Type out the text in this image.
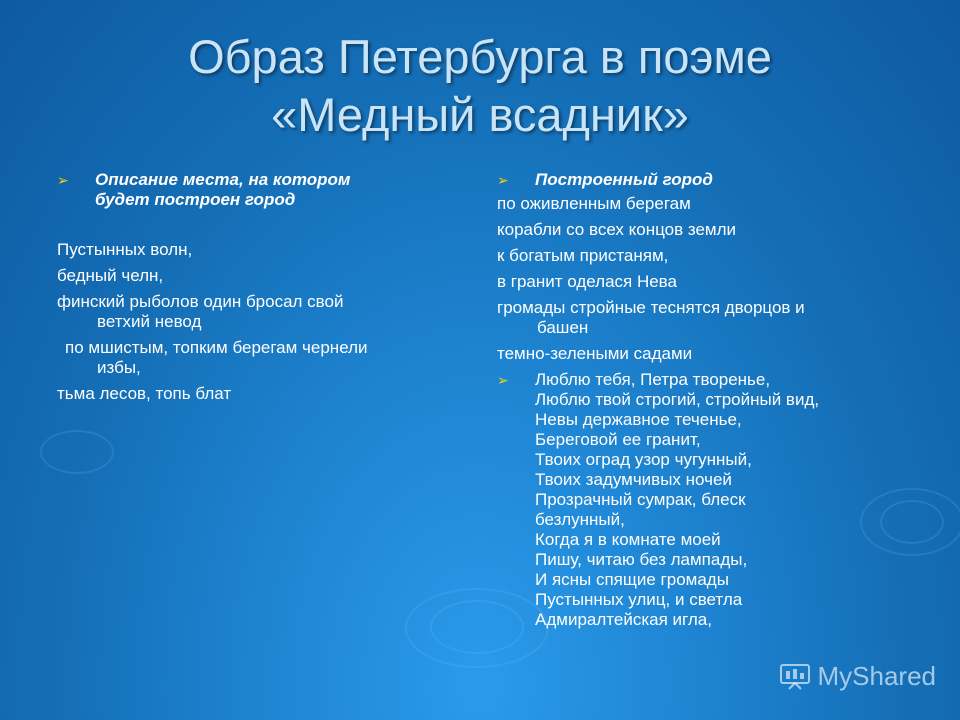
Образ Петербурга в поэме
«Медный всадник»
➢ Описание места, на котором
будет построен город
Пустынных волн,
бедный челн,
финский рыболов один бросал свой
ветхий невод
по мшистым, топким берегам чернели
избы,
тьма лесов, топь блат
➢ Построенный город
по оживленным берегам
корабли со всех концов земли
к богатым пристаням,
в гранит оделася Нева
громады стройные теснятся дворцов и
башен
темно-зелеными садами
➢ Люблю тебя, Петра творенье,
Люблю твой строгий, стройный вид,
Невы державное теченье,
Береговой ее гранит,
Твоих оград узор чугунный,
Твоих задумчивых ночей
Прозрачный сумрак, блеск
безлунный,
Когда я в комнате моей
Пишу, читаю без лампады,
И ясны спящие громады
Пустынных улиц, и светла
Адмиралтейская игла,
MyShared
